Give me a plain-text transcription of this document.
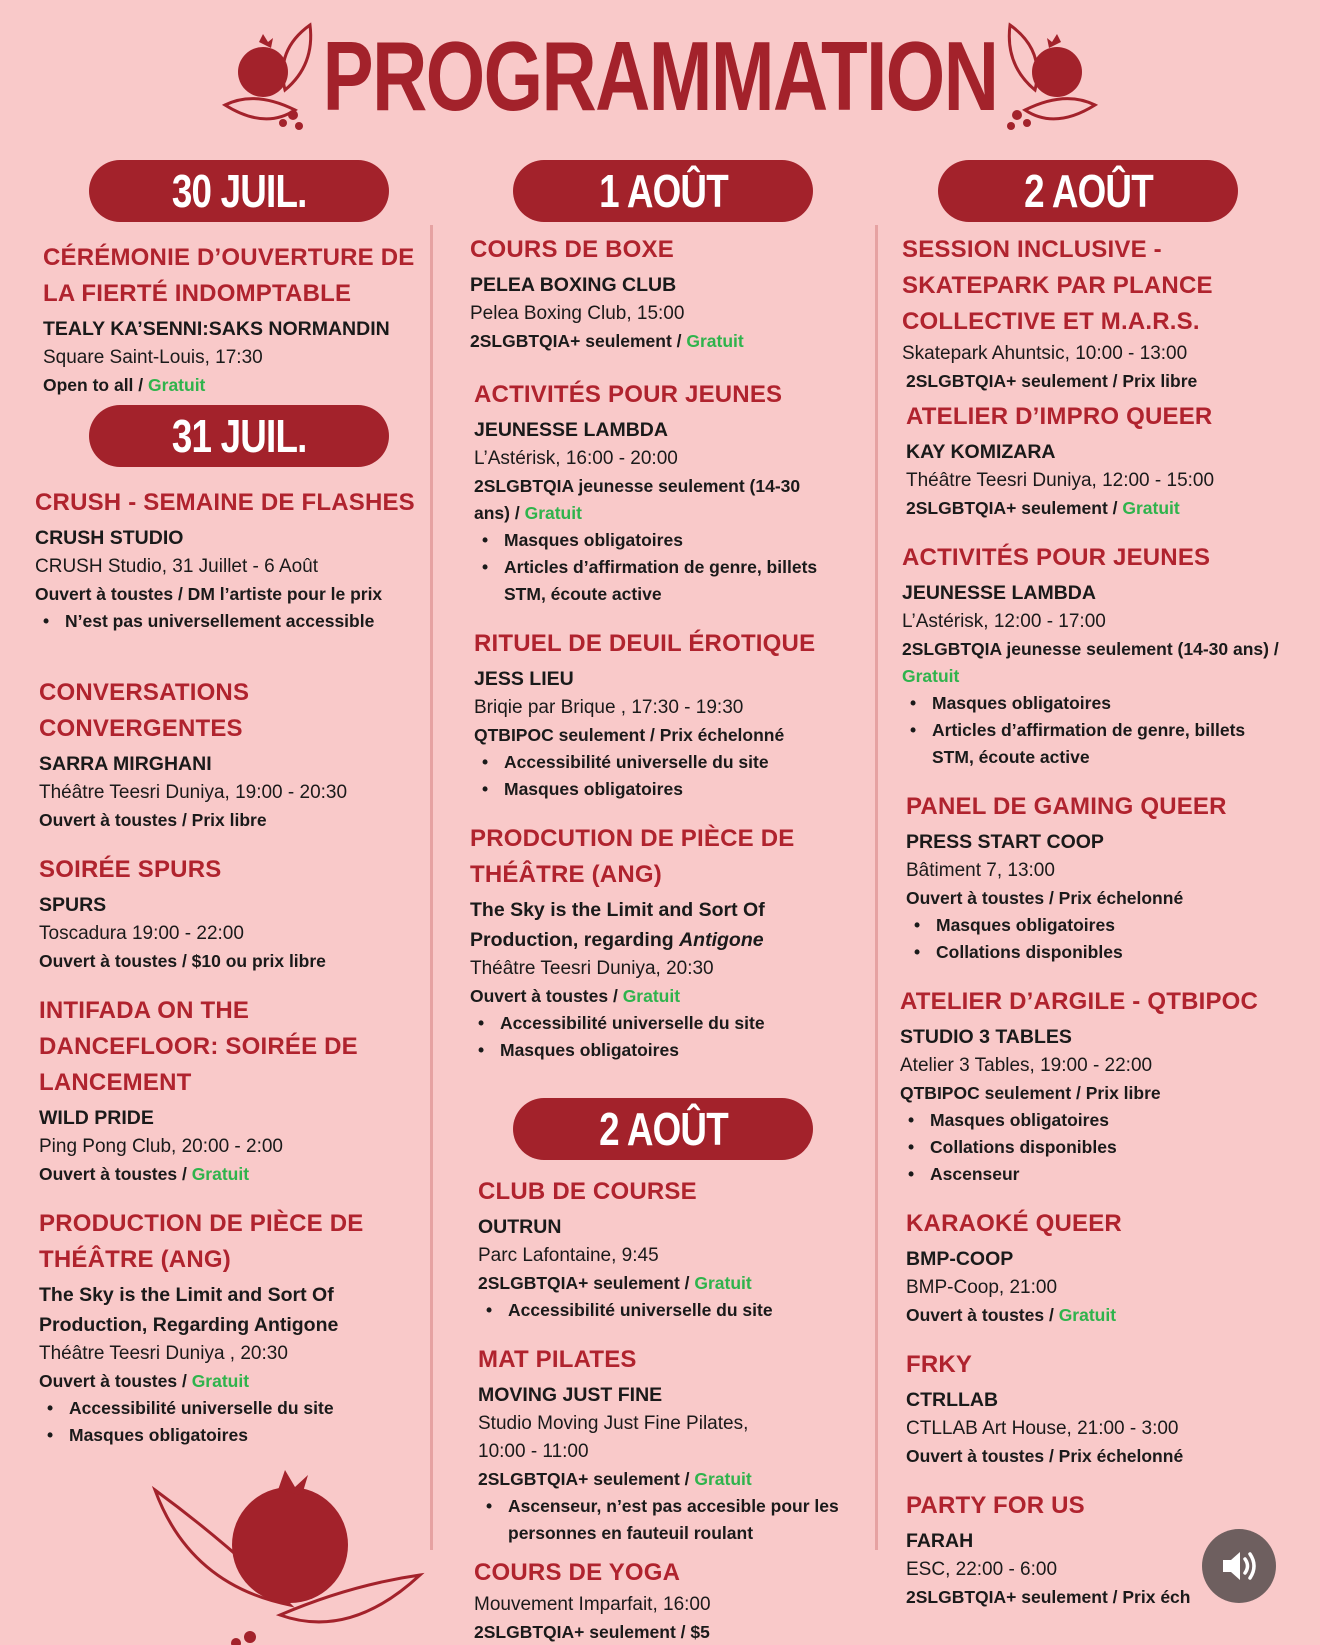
PROGRAMMATION
30 JUIL.
CÉRÉMONIE D’OUVERTURE DE LA FIERTÉ INDOMPTABLE
TEALY KA’SENNI:SAKS NORMANDIN
Square Saint-Louis, 17:30
Open to all / Gratuit
31 JUIL.
CRUSH - SEMAINE DE FLASHES
CRUSH STUDIO
CRUSH Studio, 31 Juillet - 6 Août
Ouvert à toustes / DM l’artiste pour le prix
• N’est pas universellement accessible
CONVERSATIONS CONVERGENTES
SARRA MIRGHANI
Théâtre Teesri Duniya, 19:00 - 20:30
Ouvert à toustes / Prix libre
SOIRÉE SPURS
SPURS
Toscadura 19:00 - 22:00
Ouvert à toustes / $10 ou prix libre
INTIFADA ON THE DANCEFLOOR: SOIRÉE DE LANCEMENT
WILD PRIDE
Ping Pong Club, 20:00 - 2:00
Ouvert à toustes / Gratuit
PRODUCTION DE PIÈCE DE THÉÂTRE (ANG)
The Sky is the Limit and Sort Of Production, Regarding Antigone
Théâtre Teesri Duniya , 20:30
Ouvert à toustes / Gratuit
• Accessibilité universelle du site
• Masques obligatoires
1 AOÛT
COURS DE BOXE
PELEA BOXING CLUB
Pelea Boxing Club, 15:00
2SLGBTQIA+ seulement / Gratuit
ACTIVITÉS POUR JEUNES
JEUNESSE LAMBDA
L’Astérisk, 16:00 - 20:00
2SLGBTQIA jeunesse seulement (14-30 ans) / Gratuit
• Masques obligatoires
• Articles d’affirmation de genre, billets STM, écoute active
RITUEL DE DEUIL ÉROTIQUE
JESS LIEU
Briqie par Brique , 17:30 - 19:30
QTBIPOC seulement / Prix échelonné
• Accessibilité universelle du site
• Masques obligatoires
PRODCUTION DE PIÈCE DE THÉÂTRE (ANG)
The Sky is the Limit and Sort Of Production, regarding Antigone
Théâtre Teesri Duniya, 20:30
Ouvert à toustes / Gratuit
• Accessibilité universelle du site
• Masques obligatoires
2 AOÛT
CLUB DE COURSE
OUTRUN
Parc Lafontaine, 9:45
2SLGBTQIA+ seulement / Gratuit
• Accessibilité universelle du site
MAT PILATES
MOVING JUST FINE
Studio Moving Just Fine Pilates, 10:00 - 11:00
2SLGBTQIA+ seulement / Gratuit
• Ascenseur, n’est pas accesible pour les personnes en fauteuil roulant
COURS DE YOGA
Mouvement Imparfait, 16:00
2SLGBTQIA+ seulement / $5
2 AOÛT
SESSION INCLUSIVE - SKATEPARK PAR PLANCE COLLECTIVE ET M.A.R.S.
Skatepark Ahuntsic, 10:00 - 13:00
2SLGBTQIA+ seulement / Prix libre
ATELIER D’IMPRO QUEER
KAY KOMIZARA
Théâtre Teesri Duniya, 12:00 - 15:00
2SLGBTQIA+ seulement / Gratuit
ACTIVITÉS POUR JEUNES
JEUNESSE LAMBDA
L’Astérisk, 12:00 - 17:00
2SLGBTQIA jeunesse seulement (14-30 ans) / Gratuit
• Masques obligatoires
• Articles d’affirmation de genre, billets STM, écoute active
PANEL DE GAMING QUEER
PRESS START COOP
Bâtiment 7, 13:00
Ouvert à toustes / Prix échelonné
• Masques obligatoires
• Collations disponibles
ATELIER D’ARGILE - QTBIPOC
STUDIO 3 TABLES
Atelier 3 Tables, 19:00 - 22:00
QTBIPOC seulement / Prix libre
• Masques obligatoires
• Collations disponibles
• Ascenseur
KARAOKÉ QUEER
BMP-COOP
BMP-Coop, 21:00
Ouvert à toustes / Gratuit
FRKY
CTRLLAB
CTLLAB Art House, 21:00 - 3:00
Ouvert à toustes / Prix échelonné
PARTY FOR US
FARAH
ESC, 22:00 - 6:00
2SLGBTQIA+ seulement / Prix éch
